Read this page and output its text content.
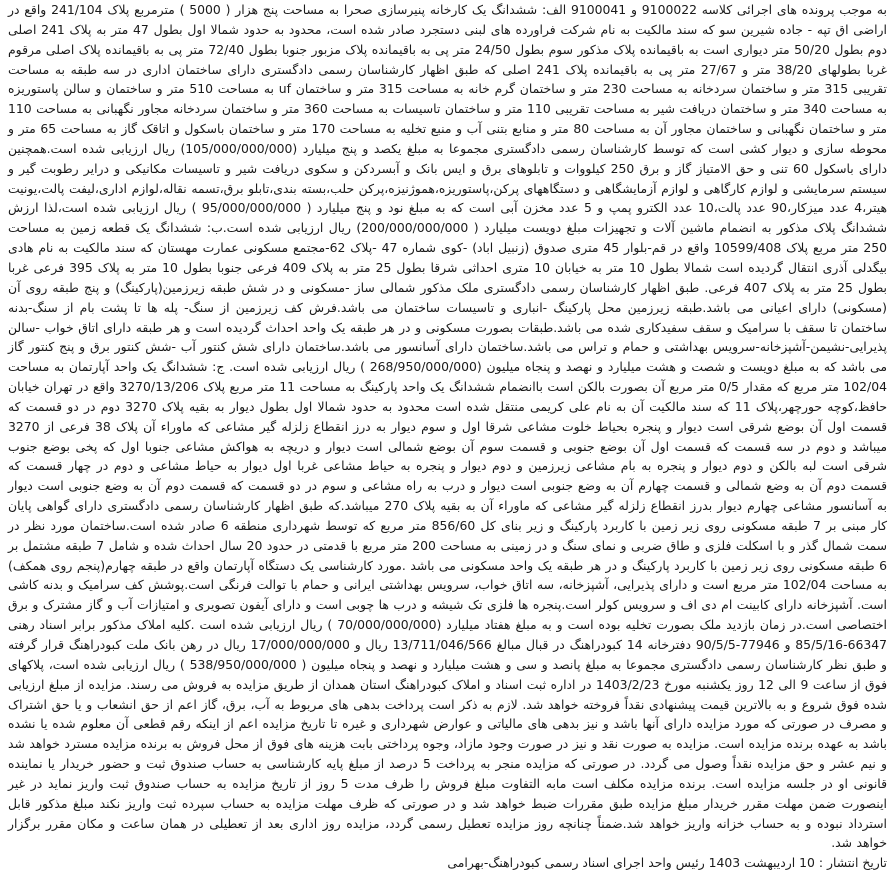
به موجب پرونده های اجرائی کلاسه 9100022 و 9100041 الف: ششدانگ یک کارخانه پنیرسازی صحرا به مساحت پنج هزار ( 5000 ) مترمربع پلاک 241/104 واقع در اراضی اق تپه - جاده شیرین سو که سند مالکیت به نام شرکت فراورده های لبنی دستجرد صادر شده است، محدود به حدود شمالا اول بطول 47 متر به پلاک 241 اصلی دوم بطول 50/20 متر دیواری است به باقیمانده پلاک مذکور سوم بطول 24/50 متر پی به باقیمانده پلاک مزبور جنوبا بطول 72/40 متر پی به باقیمانده پلاک اصلی مرقوم غربا بطولهای 38/20 متر و 27/67 متر پی به باقیمانده پلاک 241 اصلی که طبق اظهار کارشناسان رسمی دادگستری دارای ساختمان اداری در سه طبقه به مساحت تقریبی 315 متر و ساختمان سردخانه به مساحت 230 متر و ساختمان گرم خانه به مساحت 315 متر و ساختمان uf به مساحت 510 متر و ساختمان و سالن پاستوریزه به مساحت 340 متر و ساختمان دریافت شیر به مساحت تقریبی 110 متر و ساختمان تاسیسات به مساحت 360 متر و ساختمان سردخانه مجاور نگهبانی به مساحت 110 متر و ساختمان نگهبانی و ساختمان مجاور آن به مساحت 80 متر و منابع بتنی آب و منبع تخلیه به مساحت 170 متر و ساختمان باسکول و اتاقک گاز به مساحت 65 متر و محوطه سازی و دیوار کشی است که توسط کارشناسان رسمی دادگستری مجموعا به مبلغ یکصد و پنج میلیارد (105/000/000/000) ریال ارزیابی شده است.همچنین دارای باسکول 60 تنی و حق الامتیاز گاز و برق 250 کیلووات و تابلوهای برق و ایس بانک و آبسردکن و سکوی دریافت شیر و تاسیسات مکانیکی و درایر رطوبت گیر و سیستم سرمایشی و لوازم کارگاهی و لوازم آزمایشگاهی و دستگاههای پرکن،پاستوریزه،هموژنیزه،پرکن حلب،بسته بندی،تابلو برق،تسمه نقاله،لوازم اداری،لیفت پالت،یونیت هیتر،4 عدد میزکار،90 عدد پالت،10 عدد الکترو پمپ و 5 عدد مخزن آبی است که به مبلغ نود و پنج میلیارد ( 95/000/000/000 ) ریال ارزیابی شده است،لذا ارزش ششدانگ پلاک مذکور به انضمام ماشین آلات و تجهیزات مبلغ دویست میلیارد ( 200/000/000/000) ریال ارزیابی شده است.ب: ششدانگ یک قطعه زمین به مساحت 250 متر مربع پلاک 10599/408 واقع در قم-بلوار 45 متری صدوق (زنبیل اباد) -کوی شماره 47 -پلاک 62-مجتمع مسکونی عمارت مهستان که سند مالکیت به نام هادی بیگدلی آذری انتقال گردیده است شمالا بطول 10 متر به خیابان 10 متری احداثی شرقا بطول 25 متر به پلاک 409 فرعی جنوبا بطول 10 متر به پلاک 395 فرعی غربا بطول 25 متر به پلاک 407 فرعی. طبق اظهار کارشناسان رسمی دادگستری ملک مذکور شمالی ساز -مسکونی و در شش طبقه زیرزمین(پارکینگ) و پنج طبقه روی آن (مسکونی) دارای اعیانی می باشد.طبقه زیرزمین محل پارکینگ -انباری و تاسیسات ساختمان می باشد.فرش کف زیرزمین از سنگ- پله ها تا پشت بام از سنگ-بدنه ساختمان تا سقف با سرامیک و سقف سفیدکاری شده می باشد.طبقات بصورت مسکونی و در هر طبقه یک واحد احداث گردیده است و هر طبقه دارای اتاق خواب -سالن پذیرایی-نشیمن-آشپزخانه-سرویس بهداشتی و حمام و تراس می باشد.ساختمان دارای آسانسور می باشد.ساختمان دارای شش کنتور آب -شش کنتور برق و پنج کنتور گاز می باشد که به مبلغ دویست و شصت و هشت میلیارد و نهصد و پنجاه میلیون (268/950/000/000 ) ریال ارزیابی شده است. ج: ششدانگ یک واحد آپارتمان به مساحت 102/04 متر مربع که مقدار 0/5 متر مربع آن بصورت بالکن است باانضمام ششدانگ یک واحد پارکینگ به مساحت 11 متر مربع پلاک 3270/13/206 واقع در تهران خیابان حافظ،کوچه حورچهر،پلاک 11 که سند مالکیت آن به نام علی کریمی منتقل شده است محدود به حدود شمالا اول بطول دیوار به بقیه پلاک 3270 دوم در دو قسمت که قسمت اول آن بوضع شرقی است دیوار و پنجره بحیاط خلوت مشاعی شرقا اول و سوم دیوار به درز انقطاع زلزله گیر مشاعی که ماوراء آن پلاک 38 فرعی از 3270 میباشد و دوم در سه قسمت که قسمت اول آن بوضع جنوبی و قسمت سوم آن بوضع شمالی است دیوار و دریچه به هواکش مشاعی جنوبا اول که پخی بوضع جنوب شرقی است لبه بالکن و دوم دیوار و پنجره به بام مشاعی زیرزمین و دوم دیوار و پنجره به حیاط مشاعی غربا اول دیوار به حیاط مشاعی و دوم در چهار قسمت که قسمت دوم آن به وضع شمالی و قسمت چهارم آن به وضع جنوبی است دیوار و درب به راه مشاعی و سوم در دو قسمت که قسمت دوم آن به وضع جنوبی است دیوار به آسانسور مشاعی چهارم دیوار بدرز انقطاع زلزله گیر مشاعی که ماوراء آن به بقیه پلاک 270 میباشد.که طبق اظهار کارشناسان رسمی دادگستری دارای گواهی پایان کار مبنی بر 7 طبقه مسکونی روی زیر زمین با کاربرد پارکینگ و زیر بنای کل 856/60 متر مربع که توسط شهرداری منطقه 6 صادر شده است.ساختمان مورد نظر در سمت شمال گذر و با اسکلت فلزی و طاق ضربی و نمای سنگ و در زمینی به مساحت 200 متر مربع با قدمتی در حدود 20 سال احداث شده و شامل 7 طبقه مشتمل بر 6 طبقه مسکونی روی زیر زمین با کاربرد پارکینگ و در هر طبقه یک واحد مسکونی می باشد .مورد کارشناسی یک دستگاه آپارتمان واقع در طبقه چهارم(پنجم روی همکف) به مساحت 102/04 متر مربع است و دارای پذیرایی، آشپزخانه، سه اتاق خواب، سرویس بهداشتی ایرانی و حمام با توالت فرنگی است.پوشش کف سرامیک و بدنه کاشی است. آشپزخانه دارای کابینت ام دی اف و سرویس کولر است.پنجره ها فلزی تک شیشه و درب ها چوبی است و دارای آیفون تصویری و امتیازات آب و گاز مشترک و برق اختصاصی است.در زمان بازدید ملک بصورت تخلیه بوده است و به مبلغ هفتاد میلیارد (70/000/000/000 ) ریال ارزیابی شده است .کلیه املاک مذکور برابر اسناد رهنی 66347-85/5/16 و 77946-90/5/5 دفترخانه 14 کبودراهنگ در قبال مبالغ 13/711/046/566 ریال و 17/000/000/000 ریال در رهن بانک ملت کبودراهنگ قرار گرفته و طبق نظر کارشناسان رسمی دادگستری مجموعا به مبلغ پانصد و سی و هشت میلیارد و نهصد و پنجاه میلیون ( 538/950/000/000 ) ریال ارزیابی شده است، پلاکهای فوق از ساعت 9 الی 12 روز یکشنبه مورخ 1403/2/23 در اداره ثبت اسناد و املاک کبودراهنگ استان همدان از طریق مزایده به فروش می رسند. مزایده از مبلغ ارزیابی شده فوق شروع و به بالاترین قیمت پیشنهادی نقداً فروخته خواهد شد. لازم به ذکر است پرداخت بدهی های مربوط به آب، برق، گاز اعم از حق انشعاب و یا حق اشتراک و مصرف در صورتی که مورد مزایده دارای آنها باشد و نیز بدهی های مالیاتی و عوارض شهرداری و غیره تا تاریخ مزایده اعم از اینکه رقم قطعی آن معلوم شده یا نشده باشد به عهده برنده مزایده است. مزایده به صورت نقد و نیز در صورت وجود مازاد، وجوه پرداختی بابت هزینه های فوق از محل فروش به برنده مزایده مسترد خواهد شد و نیم عشر و حق مزایده نقداً وصول می گردد. در صورتی که مزایده منجر به پرداخت 5 درصد از مبلغ پایه کارشناسی به حساب صندوق ثبت و حضور خریدار یا نماینده قانونی او در جلسه مزایده است. برنده مزایده مکلف است مابه التفاوت مبلغ فروش را ظرف مدت 5 روز از تاریخ مزایده به حساب صندوق ثبت واریز نماید در غیر اینصورت ضمن مهلت مقرر خریدار مبلغ مزایده طبق مقررات ضبط خواهد شد و در صورتی که ظرف مهلت مزایده به حساب سپرده ثبت واریز نکند مبلغ مذکور قابل استرداد نبوده و به حساب خزانه واریز خواهد شد.ضمناً چنانچه روز مزایده تعطیل رسمی گردد، مزایده روز اداری بعد از تعطیلی در همان ساعت و مکان مقرر برگزار خواهد شد.

تاریخ انتشار : 10 اردیبهشت 1403 رئیس واحد اجرای اسناد رسمی کبودراهنگ-بهرامی
